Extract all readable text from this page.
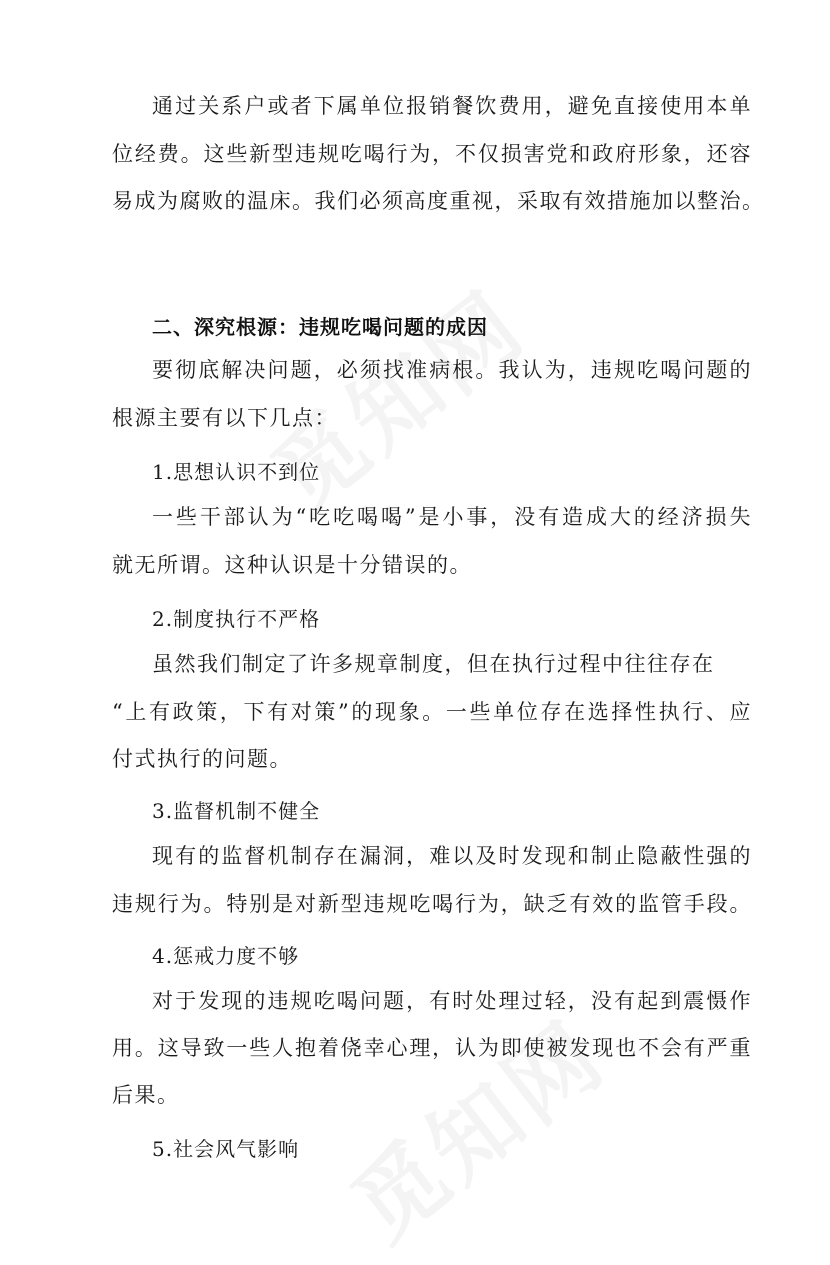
通过关系户或者下属单位报销餐饮费用，避免直接使用本单
位经费。这些新型违规吃喝行为，不仅损害党和政府形象，还容
易成为腐败的温床。我们必须高度重视，采取有效措施加以整治。
二、深究根源：违规吃喝问题的成因
要彻底解决问题，必须找准病根。我认为，违规吃喝问题的
根源主要有以下几点：
1.思想认识不到位
一些干部认为“吃吃喝喝”是小事，没有造成大的经济损失
就无所谓。这种认识是十分错误的。
2.制度执行不严格
虽然我们制定了许多规章制度，但在执行过程中往往存在
“上有政策，下有对策”的现象。一些单位存在选择性执行、应
付式执行的问题。
3.监督机制不健全
现有的监督机制存在漏洞，难以及时发现和制止隐蔽性强的
违规行为。特别是对新型违规吃喝行为，缺乏有效的监管手段。
4.惩戒力度不够
对于发现的违规吃喝问题，有时处理过轻，没有起到震慑作
用。这导致一些人抱着侥幸心理，认为即使被发现也不会有严重
后果。
5.社会风气影响
